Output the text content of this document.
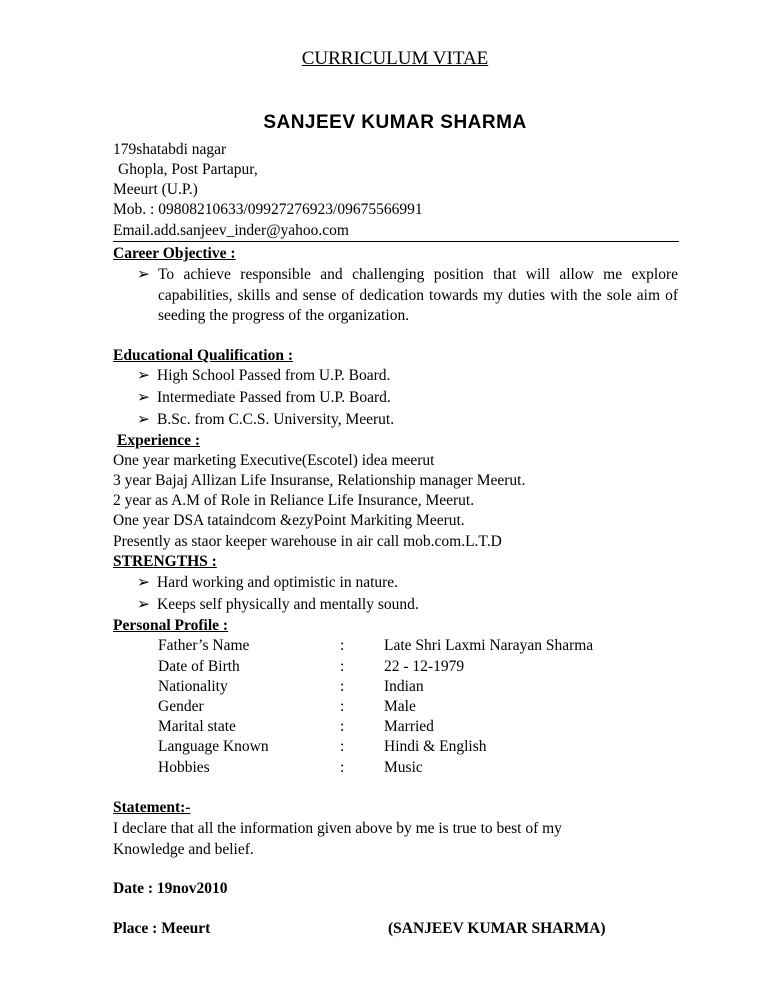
CURRICULUM VITAE
SANJEEV KUMAR SHARMA
179shatabdi nagar
Ghopla, Post Partapur,
Meeurt (U.P.)
Mob. : 09808210633/09927276923/09675566991
Email.add.sanjeev_inder@yahoo.com
Career Objective :
➢ To achieve responsible and challenging position that will allow me explore capabilities, skills and sense of dedication towards my duties with the sole aim of seeding the progress of the organization.
Educational Qualification :
➢ High School Passed from U.P. Board.
➢ Intermediate Passed from U.P. Board.
➢ B.Sc. from C.C.S. University, Meerut.
Experience :
One year marketing Executive(Escotel) idea meerut
3 year Bajaj Allizan Life Insuranse, Relationship manager Meerut.
2 year as A.M of Role in Reliance Life Insurance, Meerut.
One year DSA tataindcom &ezyPoint Markiting Meerut.
Presently as staor keeper warehouse in air call mob.com.L.T.D
STRENGTHS :
➢ Hard working and optimistic in nature.
➢ Keeps self physically and mentally sound.
Personal Profile :
Father’s Name	:	Late Shri Laxmi Narayan Sharma
Date of Birth	:	22 - 12-1979
Nationality	:	Indian
Gender	:	Male
Marital state	:	Married
Language Known	:	Hindi & English
Hobbies	:	Music
Statement:-
I declare that all the information given above by me is true to best of my Knowledge and belief.
Date : 19nov2010
Place : Meeurt	(SANJEEV KUMAR SHARMA)
